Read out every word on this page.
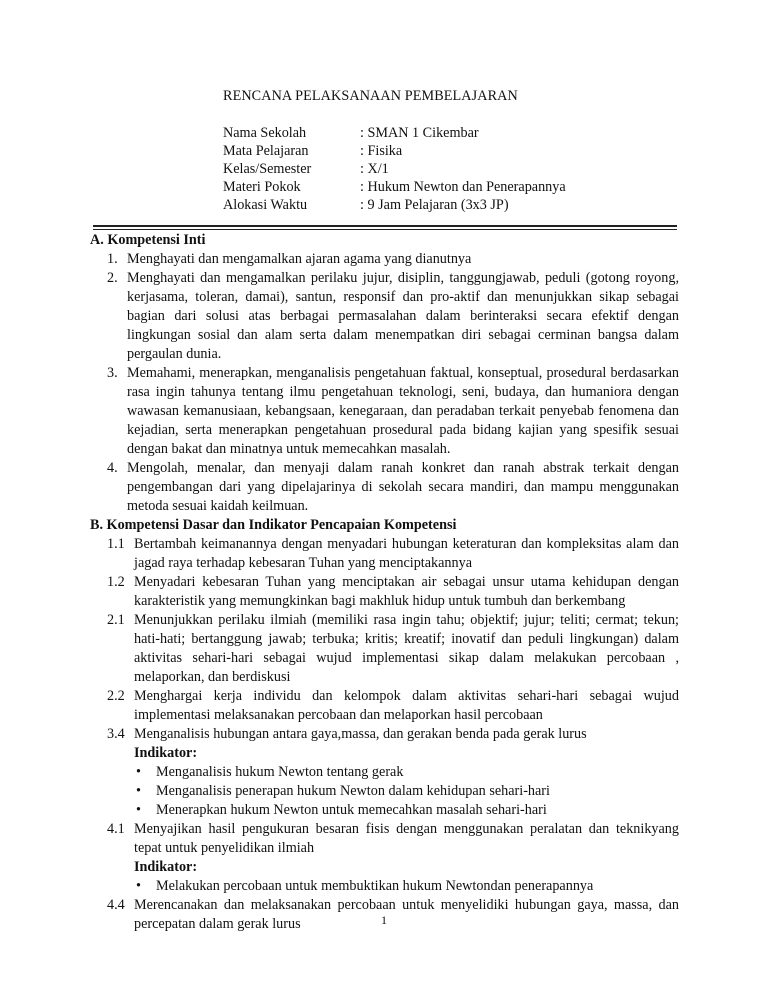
RENCANA PELAKSANAAN PEMBELAJARAN
Nama Sekolah	: SMAN 1 Cikembar
Mata Pelajaran	: Fisika
Kelas/Semester	: X/1
Materi Pokok	: Hukum Newton dan Penerapannya
Alokasi Waktu	: 9 Jam Pelajaran (3x3 JP)
A. Kompetensi Inti
1. Menghayati dan mengamalkan ajaran agama yang dianutnya
2. Menghayati dan mengamalkan perilaku jujur, disiplin, tanggungjawab, peduli (gotong royong, kerjasama, toleran, damai), santun, responsif dan pro-aktif dan menunjukkan sikap sebagai bagian dari solusi atas berbagai permasalahan dalam berinteraksi secara efektif dengan lingkungan sosial dan alam serta dalam menempatkan diri sebagai cerminan bangsa dalam pergaulan dunia.
3. Memahami, menerapkan, menganalisis pengetahuan faktual, konseptual, prosedural berdasarkan rasa ingin tahunya tentang ilmu pengetahuan teknologi, seni, budaya, dan humaniora dengan wawasan kemanusiaan, kebangsaan, kenegaraan, dan peradaban terkait penyebab fenomena dan kejadian, serta menerapkan pengetahuan prosedural pada bidang kajian yang spesifik sesuai dengan bakat dan minatnya untuk memecahkan masalah.
4. Mengolah, menalar, dan menyaji dalam ranah konkret dan ranah abstrak terkait dengan pengembangan dari yang dipelajarinya di sekolah secara mandiri, dan mampu menggunakan metoda sesuai kaidah keilmuan.
B. Kompetensi Dasar dan Indikator Pencapaian Kompetensi
1.1 Bertambah keimanannya dengan menyadari hubungan keteraturan dan kompleksitas alam dan jagad raya terhadap kebesaran Tuhan yang menciptakannya
1.2 Menyadari kebesaran Tuhan yang menciptakan air sebagai unsur utama kehidupan dengan karakteristik yang memungkinkan bagi makhluk hidup untuk tumbuh dan berkembang
2.1 Menunjukkan perilaku ilmiah (memiliki rasa ingin tahu; objektif; jujur; teliti; cermat; tekun; hati-hati; bertanggung jawab; terbuka; kritis; kreatif; inovatif dan peduli lingkungan) dalam aktivitas sehari-hari sebagai wujud implementasi sikap dalam melakukan percobaan , melaporkan, dan berdiskusi
2.2 Menghargai kerja individu dan kelompok dalam aktivitas sehari-hari sebagai wujud implementasi melaksanakan percobaan dan melaporkan hasil percobaan
3.4 Menganalisis hubungan antara gaya,massa, dan gerakan benda pada gerak lurus
Indikator:
•	Menganalisis hukum Newton tentang gerak
•	Menganalisis penerapan hukum Newton dalam kehidupan sehari-hari
•	Menerapkan hukum Newton untuk memecahkan masalah sehari-hari
4.1 Menyajikan hasil pengukuran besaran fisis dengan menggunakan peralatan dan teknikyang tepat untuk penyelidikan ilmiah
Indikator:
•	Melakukan percobaan untuk membuktikan hukum Newtondan penerapannya
4.4 Merencanakan dan melaksanakan percobaan untuk menyelidiki hubungan gaya, massa, dan percepatan dalam gerak lurus	1
